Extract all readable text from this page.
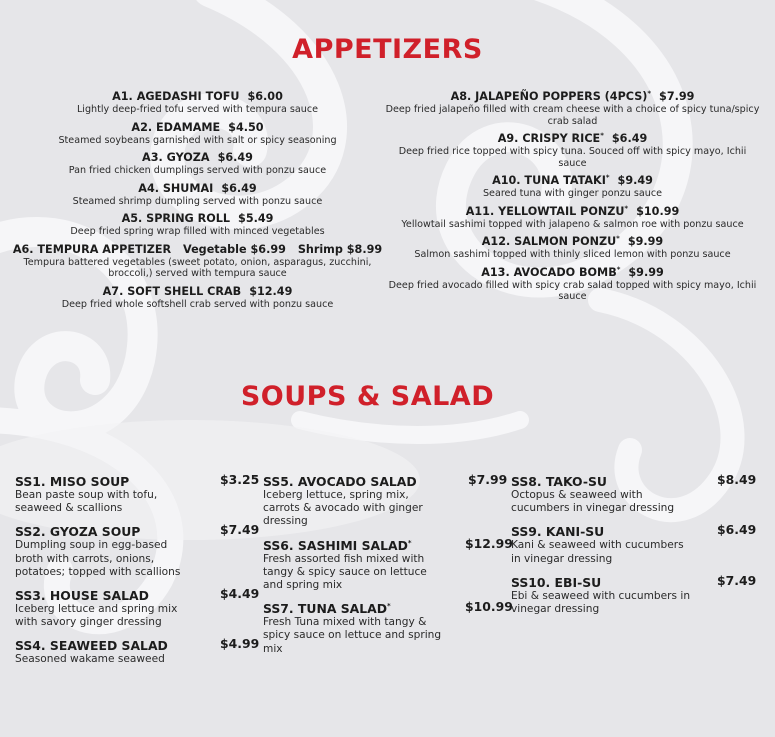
APPETIZERS
A1. AGEDASHI TOFU $6.00
Lightly deep-fried tofu served with tempura sauce
A2. EDAMAME $4.50
Steamed soybeans garnished with salt or spicy seasoning
A3. GYOZA $6.49
Pan fried chicken dumplings served with ponzu sauce
A4. SHUMAI $6.49
Steamed shrimp dumpling served with ponzu sauce
A5. SPRING ROLL $5.49
Deep fried spring wrap filled with minced vegetables
A6. TEMPURA APPETIZER Vegetable $6.99 Shrimp $8.99
Tempura battered vegetables (sweet potato, onion, asparagus, zucchini, broccoli,) served with tempura sauce
A7. SOFT SHELL CRAB $12.49
Deep fried whole softshell crab served with ponzu sauce
A8. JALAPEÑO POPPERS (4PCS)* $7.99
Deep fried jalapeño filled with cream cheese with a choice of spicy tuna/spicy crab salad
A9. CRISPY RICE* $6.49
Deep fried rice topped with spicy tuna. Souced off with spicy mayo, Ichii sauce
A10. TUNA TATAKI* $9.49
Seared tuna with ginger ponzu sauce
A11. YELLOWTAIL PONZU* $10.99
Yellowtail sashimi topped with jalapeno & salmon roe with ponzu sauce
A12. SALMON PONZU* $9.99
Salmon sashimi topped with thinly sliced lemon with ponzu sauce
A13. AVOCADO BOMB* $9.99
Deep fried avocado filled with spicy crab salad topped with spicy mayo, Ichii sauce
SOUPS & SALAD
SS1. MISO SOUP
Bean paste soup with tofu, seaweed & scallions
$3.25
SS2. GYOZA SOUP
Dumpling soup in egg-based broth with carrots, onions, potatoes; topped with scallions
$7.49
SS3. HOUSE SALAD
Iceberg lettuce and spring mix with savory ginger dressing
$4.49
SS4. SEAWEED SALAD
Seasoned wakame seaweed
$4.99
SS5. AVOCADO SALAD
Iceberg lettuce, spring mix, carrots & avocado with ginger dressing
$7.99
SS6. SASHIMI SALAD*
Fresh assorted fish mixed with tangy & spicy sauce on lettuce and spring mix
$12.99
SS7. TUNA SALAD*
Fresh Tuna mixed with tangy & spicy sauce on lettuce and spring mix
$10.99
SS8. TAKO-SU
Octopus & seaweed with cucumbers in vinegar dressing
$8.49
SS9. KANI-SU
Kani & seaweed with cucumbers in vinegar dressing
$6.49
SS10. EBI-SU
Ebi & seaweed with cucumbers in vinegar dressing
$7.49
